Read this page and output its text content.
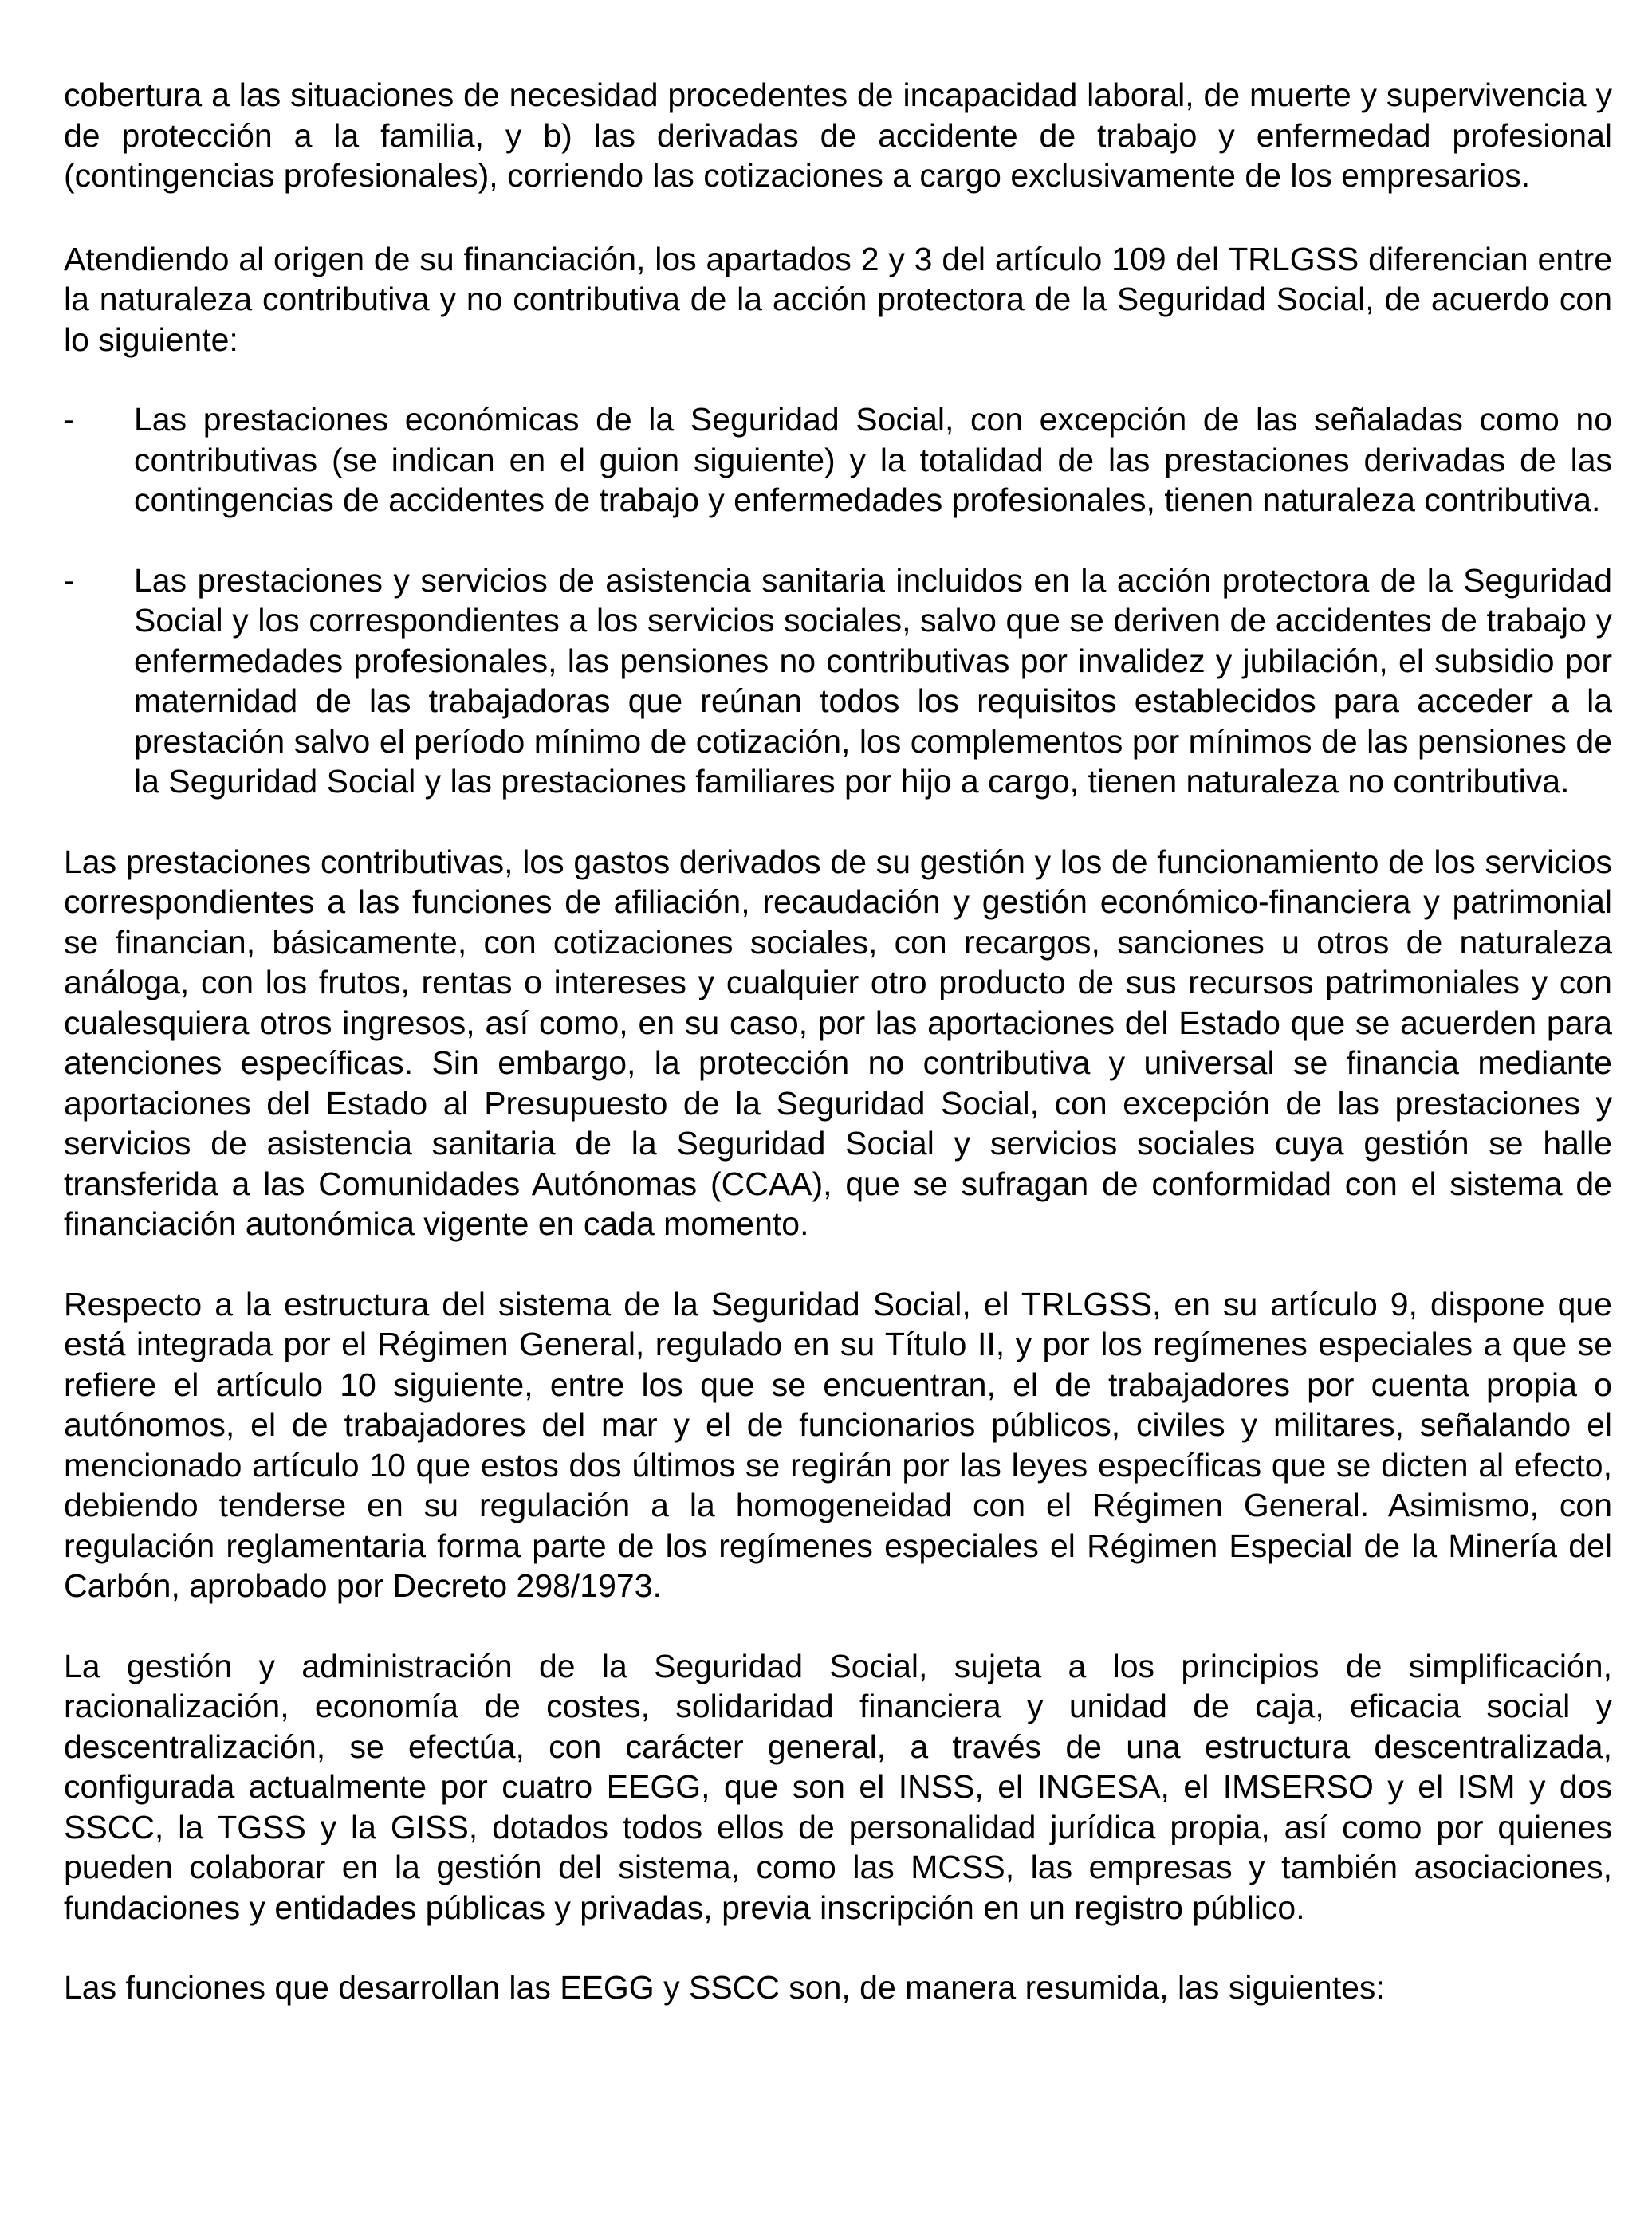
cobertura a las situaciones de necesidad procedentes de incapacidad laboral, de muerte y supervivencia y de protección a la familia, y b) las derivadas de accidente de trabajo y enfermedad profesional (contingencias profesionales), corriendo las cotizaciones a cargo exclusivamente de los empresarios.

Atendiendo al origen de su financiación, los apartados 2 y 3 del artículo 109 del TRLGSS diferencian entre la naturaleza contributiva y no contributiva de la acción protectora de la Seguridad Social, de acuerdo con lo siguiente:

- Las prestaciones económicas de la Seguridad Social, con excepción de las señaladas como no contributivas (se indican en el guion siguiente) y la totalidad de las prestaciones derivadas de las contingencias de accidentes de trabajo y enfermedades profesionales, tienen naturaleza contributiva.
- Las prestaciones y servicios de asistencia sanitaria incluidos en la acción protectora de la Seguridad Social y los correspondientes a los servicios sociales, salvo que se deriven de accidentes de trabajo y enfermedades profesionales, las pensiones no contributivas por invalidez y jubilación, el subsidio por maternidad de las trabajadoras que reúnan todos los requisitos establecidos para acceder a la prestación salvo el período mínimo de cotización, los complementos por mínimos de las pensiones de la Seguridad Social y las prestaciones familiares por hijo a cargo, tienen naturaleza no contributiva.

Las prestaciones contributivas, los gastos derivados de su gestión y los de funcionamiento de los servicios correspondientes a las funciones de afiliación, recaudación y gestión económico-financiera y patrimonial se financian, básicamente, con cotizaciones sociales, con recargos, sanciones u otros de naturaleza análoga, con los frutos, rentas o intereses y cualquier otro producto de sus recursos patrimoniales y con cualesquiera otros ingresos, así como, en su caso, por las aportaciones del Estado que se acuerden para atenciones específicas. Sin embargo, la protección no contributiva y universal se financia mediante aportaciones del Estado al Presupuesto de la Seguridad Social, con excepción de las prestaciones y servicios de asistencia sanitaria de la Seguridad Social y servicios sociales cuya gestión se halle transferida a las Comunidades Autónomas (CCAA), que se sufragan de conformidad con el sistema de financiación autonómica vigente en cada momento.

Respecto a la estructura del sistema de la Seguridad Social, el TRLGSS, en su artículo 9, dispone que está integrada por el Régimen General, regulado en su Título II, y por los regímenes especiales a que se refiere el artículo 10 siguiente, entre los que se encuentran, el de trabajadores por cuenta propia o autónomos, el de trabajadores del mar y el de funcionarios públicos, civiles y militares, señalando el mencionado artículo 10 que estos dos últimos se regirán por las leyes específicas que se dicten al efecto, debiendo tenderse en su regulación a la homogeneidad con el Régimen General. Asimismo, con regulación reglamentaria forma parte de los regímenes especiales el Régimen Especial de la Minería del Carbón, aprobado por Decreto 298/1973.

La gestión y administración de la Seguridad Social, sujeta a los principios de simplificación, racionalización, economía de costes, solidaridad financiera y unidad de caja, eficacia social y descentralización, se efectúa, con carácter general, a través de una estructura descentralizada, configurada actualmente por cuatro EEGG, que son el INSS, el INGESA, el IMSERSO y el ISM y dos SSCC, la TGSS y la GISS, dotados todos ellos de personalidad jurídica propia, así como por quienes pueden colaborar en la gestión del sistema, como las MCSS, las empresas y también asociaciones, fundaciones y entidades públicas y privadas, previa inscripción en un registro público.

Las funciones que desarrollan las EEGG y SSCC son, de manera resumida, las siguientes:
